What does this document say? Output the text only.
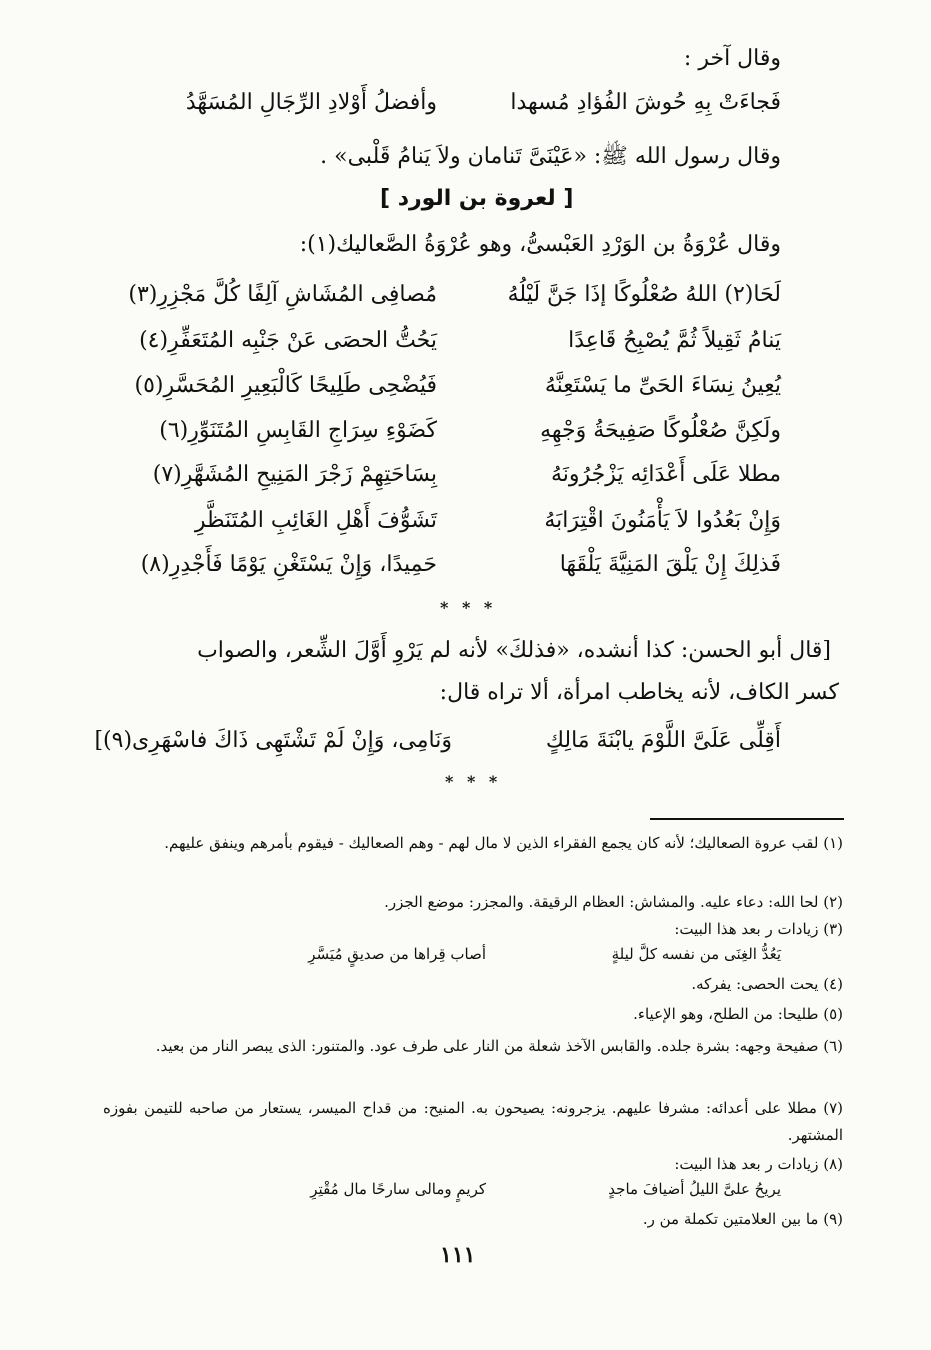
وقال آخر :
فَجاءَتْ بِهِ حُوشَ الفُؤادِ مُسهدا
وأفضلُ أَوْلادِ الرِّجَالِ المُسَهَّدُ
وقال رسول الله ﷺ: «عَيْنَىَّ تَنامان ولاَ يَنامُ قَلْبى» .
[ لعروة بن الورد ]
وقال عُرْوَةُ بن الوَرْدِ العَبْسىُّ، وهو عُرْوَةُ الصَّعاليك(١):
لَحَا(٢) اللهُ صُعْلُوكًا إذَا جَنَّ لَيْلُهُ
مُصافِى المُشَاشِ آلِفًا كُلَّ مَجْزِرِ(٣)
يَنامُ ثَقِيلاً ثُمَّ يُصْبِحُ قَاعِدًا
يَحُتُّ الحصَى عَنْ جَنْبِه المُتَعَفِّرِ(٤)
يُعِينُ نِسَاءَ الحَىِّ ما يَسْتَعِنَّهُ
فَيُضْحِى طَلِيحًا كَالْبَعِيرِ المُحَسَّرِ(٥)
ولَكِنَّ صُعْلُوكًا صَفِيحَةُ وَجْهِهِ
كَضَوْءِ سِرَاجِ القَابِسِ المُتَنَوِّرِ(٦)
مطلا عَلَى أَعْدَائِه يَزْجُرُونَهُ
بِسَاحَتِهِمْ زَجْرَ المَنِيحِ المُشَهَّرِ(٧)
وَإِنْ بَعُدُوا لاَ يَأْمَنُونَ اقْتِرَابَهُ
تَشَوُّفَ أَهْلِ الغَائِبِ المُتَنَظَّرِ
فَذلِكَ إِنْ يَلْقَ المَنِيَّةَ يَلْقَهَا
حَمِيدًا، وَإِنْ يَسْتَغْنِ يَوْمًا فَأَجْدِرِ(٨)
* * *
[قال أبو الحسن: كذا أنشده، «فذلكَ» لأنه لم يَرْوِ أَوَّلَ الشِّعر، والصواب
كسر الكاف، لأنه يخاطب امرأة، ألا تراه قال:
أَقِلِّى عَلَىَّ اللَّوْمَ يابْنَةَ مَالِكٍ
وَنَامِى، وَإِنْ لَمْ تَشْتَهِى ذَاكَ فاسْهَرِى(٩)]
* * *
(١) لقب عروة الصعاليك؛ لأنه كان يجمع الفقراء الذين لا مال لهم - وهم الصعاليك - فيقوم بأمرهم وينفق عليهم.
(٢) لحا الله: دعاء عليه. والمشاش: العظام الرقيقة. والمجزر: موضع الجزر.
(٣) زيادات ر بعد هذا البيت:
يَعُدُّ الغِنَى من نفسه كلَّ ليلةٍ
أصاب قِراها من صديقٍ مُيَسَّرِ
(٤) يحت الحصى: يفركه.
(٥) طليحا: من الطلح، وهو الإعياء.
(٦) صفيحة وجهه: بشرة جلده. والقابس الآخذ شعلة من النار على طرف عود. والمتنور: الذى يبصر النار من بعيد.
(٧) مطلا على أعدائه: مشرفا عليهم. يزجرونه: يصيحون به. المنيح: من قداح الميسر، يستعار من صاحبه للتيمن بفوزه المشتهر.
(٨) زيادات ر بعد هذا البيت:
يريحُ علىَّ الليلُ أضيافَ ماجدٍ
كريمٍ ومالى سارحًا مال مُقْتِرِ
(٩) ما بين العلامتين تكملة من ر.
١١١
